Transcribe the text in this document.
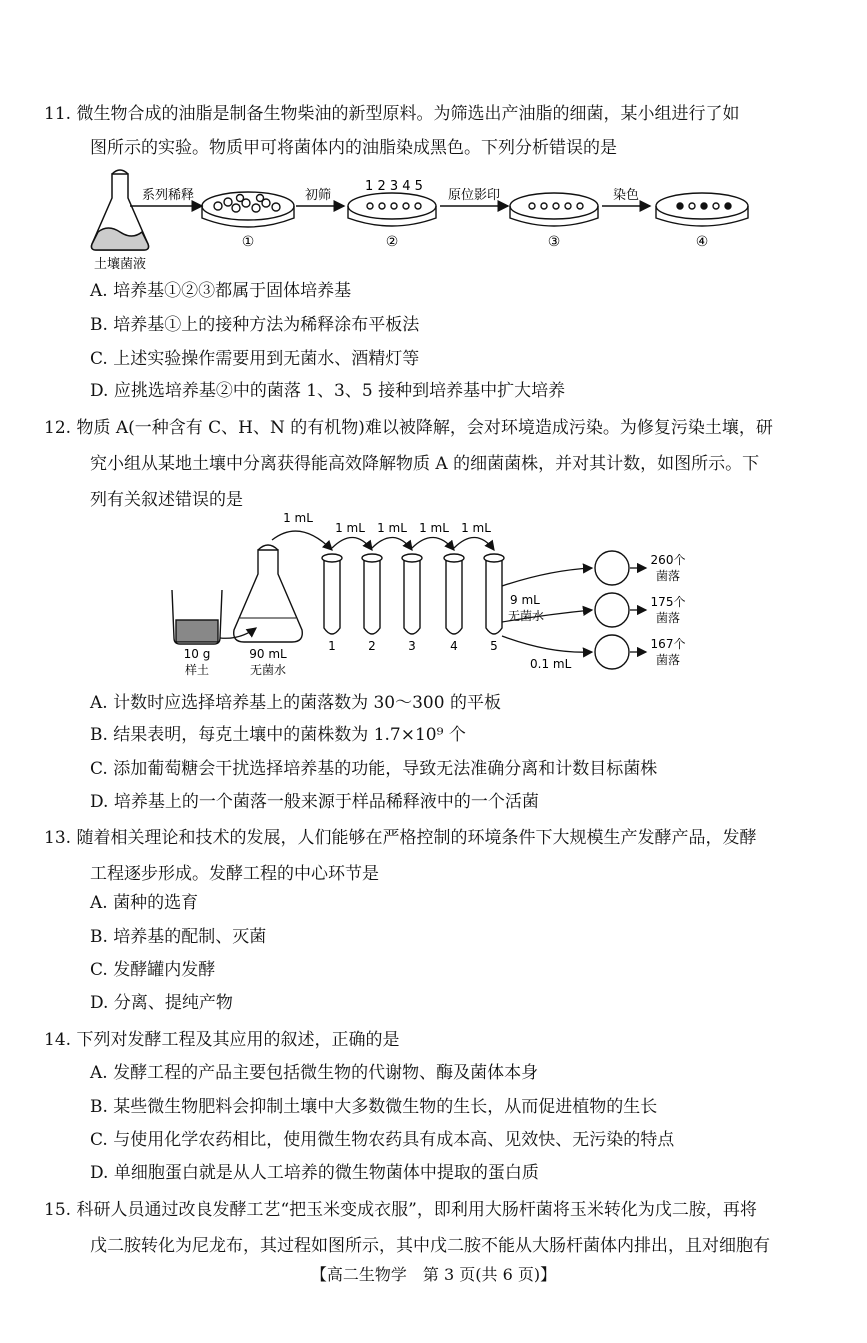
11. 微生物合成的油脂是制备生物柴油的新型原料。为筛选出产油脂的细菌，某小组进行了如
图所示的实验。物质甲可将菌体内的油脂染成黑色。下列分析错误的是
土壤菌液
系列稀释
①
初筛
1 2 3 4 5
②
原位影印
③
染色
④
A. 培养基①②③都属于固体培养基
B. 培养基①上的接种方法为稀释涂布平板法
C. 上述实验操作需要用到无菌水、酒精灯等
D. 应挑选培养基②中的菌落 1、3、5 接种到培养基中扩大培养
12. 物质 A(一种含有 C、H、N 的有机物)难以被降解，会对环境造成污染。为修复污染土壤，研
究小组从某地土壤中分离获得能高效降解物质 A 的细菌菌株，并对其计数，如图所示。下
列有关叙述错误的是
10 g
样土
90 mL
无菌水
1 mL
1 mL 1 mL 1 mL 1 mL
1	2	3	4	5
9 mL
无菌水
0.1 mL
260个
菌落
175个
菌落
167个
菌落
A. 计数时应选择培养基上的菌落数为 30～300 的平板
B. 结果表明，每克土壤中的菌株数为 1.7×10⁹ 个
C. 添加葡萄糖会干扰选择培养基的功能，导致无法准确分离和计数目标菌株
D. 培养基上的一个菌落一般来源于样品稀释液中的一个活菌
13. 随着相关理论和技术的发展，人们能够在严格控制的环境条件下大规模生产发酵产品，发酵
工程逐步形成。发酵工程的中心环节是
A. 菌种的选育
B. 培养基的配制、灭菌
C. 发酵罐内发酵
D. 分离、提纯产物
14. 下列对发酵工程及其应用的叙述，正确的是
A. 发酵工程的产品主要包括微生物的代谢物、酶及菌体本身
B. 某些微生物肥料会抑制土壤中大多数微生物的生长，从而促进植物的生长
C. 与使用化学农药相比，使用微生物农药具有成本高、见效快、无污染的特点
D. 单细胞蛋白就是从人工培养的微生物菌体中提取的蛋白质
15. 科研人员通过改良发酵工艺“把玉米变成衣服”，即利用大肠杆菌将玉米转化为戊二胺，再将
戊二胺转化为尼龙布，其过程如图所示，其中戊二胺不能从大肠杆菌体内排出，且对细胞有
【高二生物学　第 3 页(共 6 页)】
